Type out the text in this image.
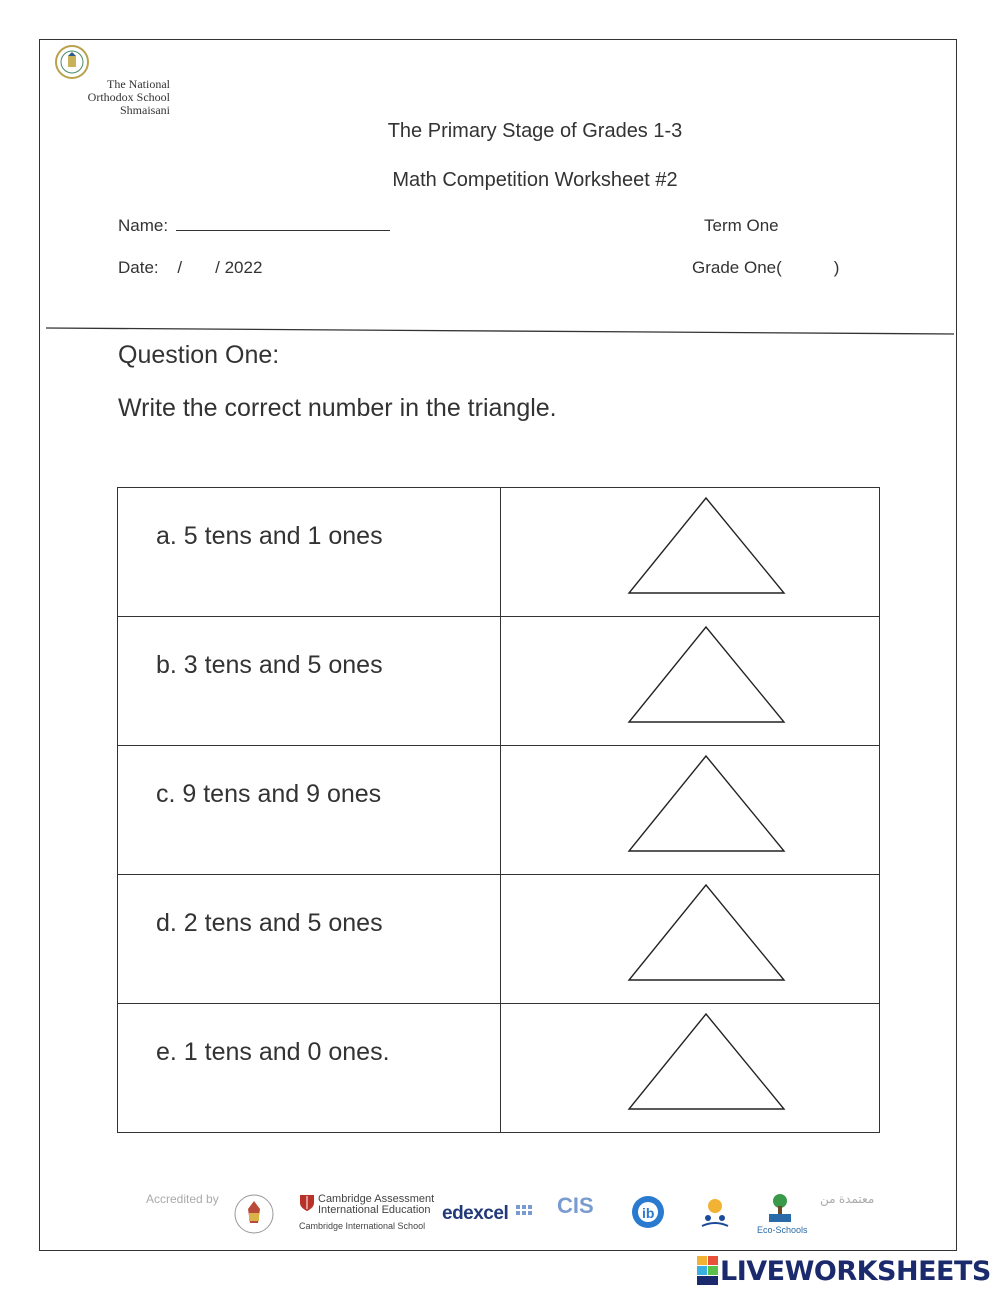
The National
Orthodox School
Shmaisani
The Primary Stage of Grades 1-3
Math Competition Worksheet #2
Name:	Term One
Date: /       / 2022	Grade One(           )
Question One:
Write the correct number in the triangle.
a. 5 tens and 1 ones

b. 3 tens and 5 ones

c. 9 tens and 9 ones

d. 2 tens and 5 ones

e. 1 tens and 0 ones.

Accredited by	Cambridge Assessment
International Education
Cambridge International School
edexcel CIS	ib
Eco-Schools
معتمدة من
LIVEWORKSHEETS
